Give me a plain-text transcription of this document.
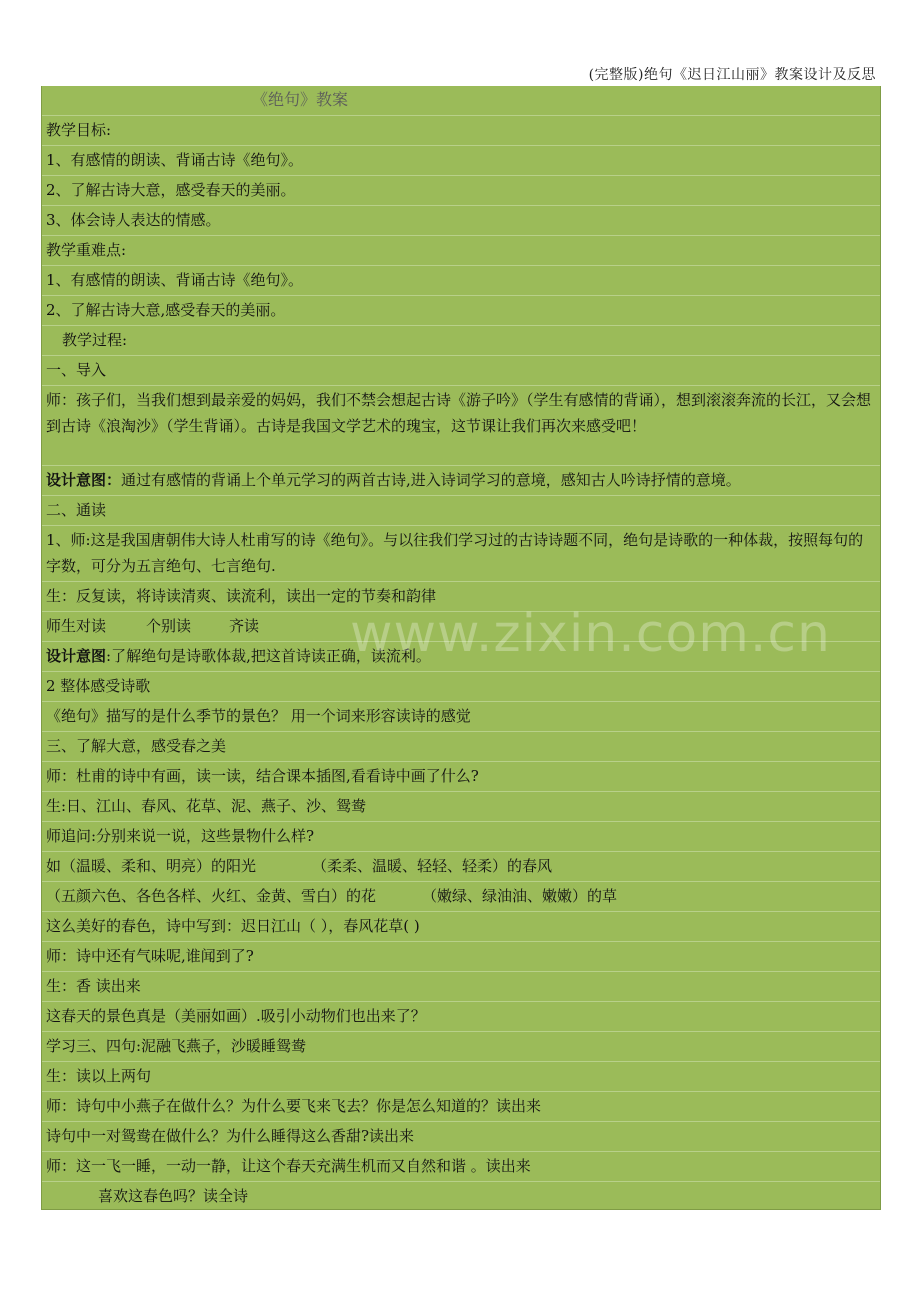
(完整版)绝句《迟日江山丽》教案设计及反思
《绝句》教案
教学目标:
1、有感情的朗读、背诵古诗《绝句》。
2、了解古诗大意，感受春天的美丽。
3、体会诗人表达的情感。
教学重难点:
1、有感情的朗读、背诵古诗《绝句》。
2、了解古诗大意,感受春天的美丽。
教学过程:
一、导入
师：孩子们，当我们想到最亲爱的妈妈，我们不禁会想起古诗《游子吟》（学生有感情的背诵），想到滚滚奔流的长江，又会想到古诗《浪淘沙》（学生背诵）。古诗是我国文学艺术的瑰宝，这节课让我们再次来感受吧！
设计意图：通过有感情的背诵上个单元学习的两首古诗,进入诗词学习的意境，感知古人吟诗抒情的意境。
二、通读
1、师:这是我国唐朝伟大诗人杜甫写的诗《绝句》。与以往我们学习过的古诗诗题不同，绝句是诗歌的一种体裁，按照每句的字数，可分为五言绝句、七言绝句.
生：反复读，将诗读清爽、读流利，读出一定的节奏和韵律
师生对读	个别读	齐读
设计意图:了解绝句是诗歌体裁,把这首诗读正确，读流利。
2 整体感受诗歌
《绝句》描写的是什么季节的景色？ 用一个词来形容读诗的感觉
三、了解大意，感受春之美
师：杜甫的诗中有画，读一读，结合课本插图,看看诗中画了什么?
生:日、江山、春风、花草、泥、燕子、沙、鸳鸯
师追问:分别来说一说，这些景物什么样?
如（温暖、柔和、明亮）的阳光	（柔柔、温暖、轻轻、轻柔）的春风
（五颜六色、各色各样、火红、金黄、雪白）的花	（嫩绿、绿油油、嫩嫩）的草
这么美好的春色，诗中写到：迟日江山（ ），春风花草( )
师：诗中还有气味呢,谁闻到了?
生：香 读出来
这春天的景色真是（美丽如画）.吸引小动物们也出来了？
学习三、四句:泥融飞燕子，沙暖睡鸳鸯
生：读以上两句
师：诗句中小燕子在做什么？为什么要飞来飞去？你是怎么知道的？读出来
诗句中一对鸳鸯在做什么？为什么睡得这么香甜?读出来
师：这一飞一睡，一动一静，让这个春天充满生机而又自然和谐 。读出来
喜欢这春色吗？读全诗
www.zixin.com.cn
